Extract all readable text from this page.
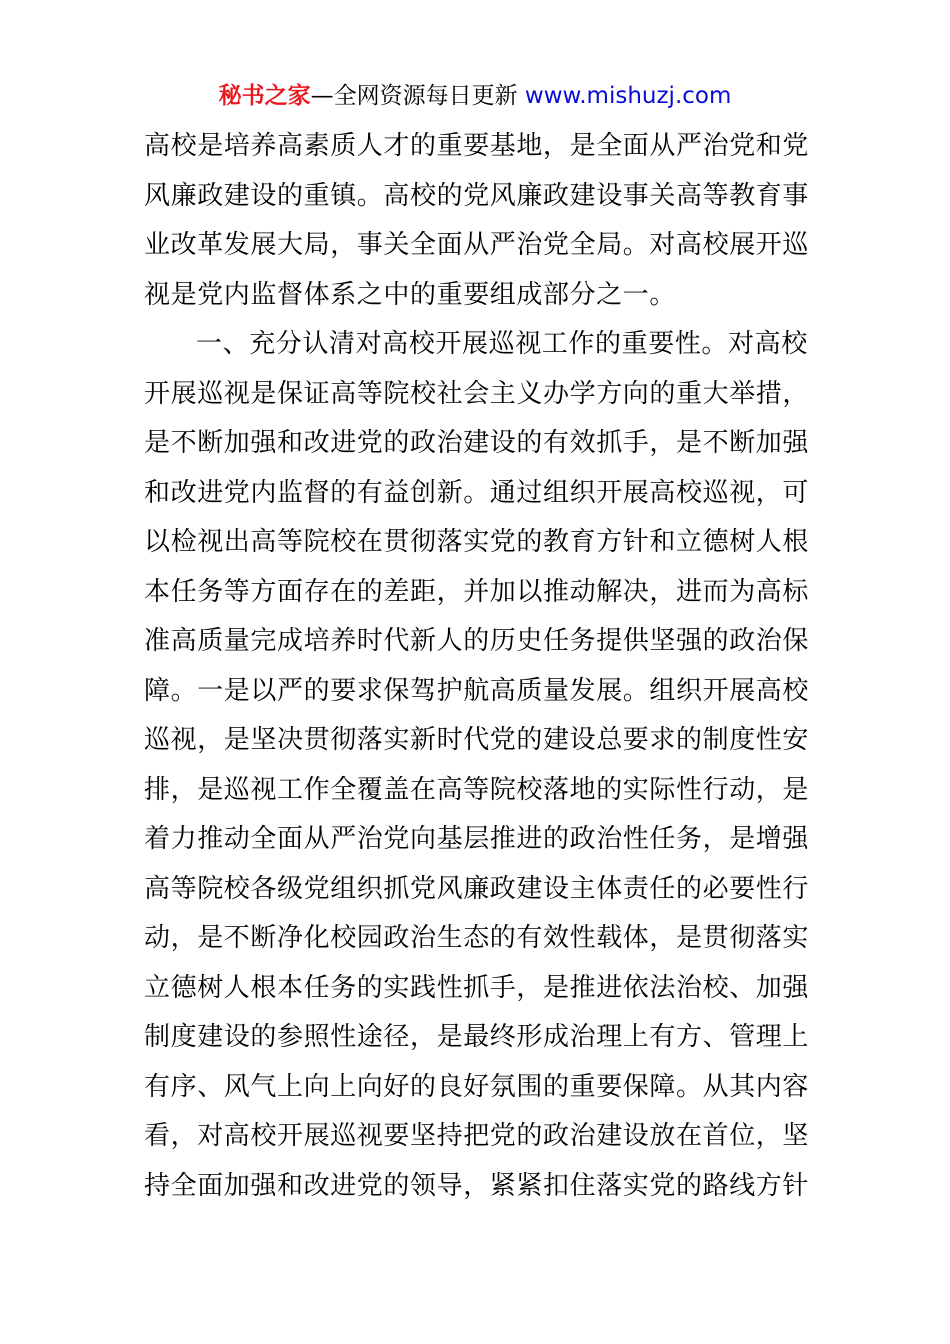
秘书之家—全网资源每日更新 www.mishuzj.com
高校是培养高素质人才的重要基地，是全面从严治党和党
风廉政建设的重镇。高校的党风廉政建设事关高等教育事
业改革发展大局，事关全面从严治党全局。对高校展开巡
视是党内监督体系之中的重要组成部分之一。
一、充分认清对高校开展巡视工作的重要性。对高校
开展巡视是保证高等院校社会主义办学方向的重大举措，
是不断加强和改进党的政治建设的有效抓手，是不断加强
和改进党内监督的有益创新。通过组织开展高校巡视，可
以检视出高等院校在贯彻落实党的教育方针和立德树人根
本任务等方面存在的差距，并加以推动解决，进而为高标
准高质量完成培养时代新人的历史任务提供坚强的政治保
障。一是以严的要求保驾护航高质量发展。组织开展高校
巡视，是坚决贯彻落实新时代党的建设总要求的制度性安
排，是巡视工作全覆盖在高等院校落地的实际性行动，是
着力推动全面从严治党向基层推进的政治性任务，是增强
高等院校各级党组织抓党风廉政建设主体责任的必要性行
动，是不断净化校园政治生态的有效性载体，是贯彻落实
立德树人根本任务的实践性抓手，是推进依法治校、加强
制度建设的参照性途径，是最终形成治理上有方、管理上
有序、风气上向上向好的良好氛围的重要保障。从其内容
看，对高校开展巡视要坚持把党的政治建设放在首位，坚
持全面加强和改进党的领导，紧紧扣住落实党的路线方针
